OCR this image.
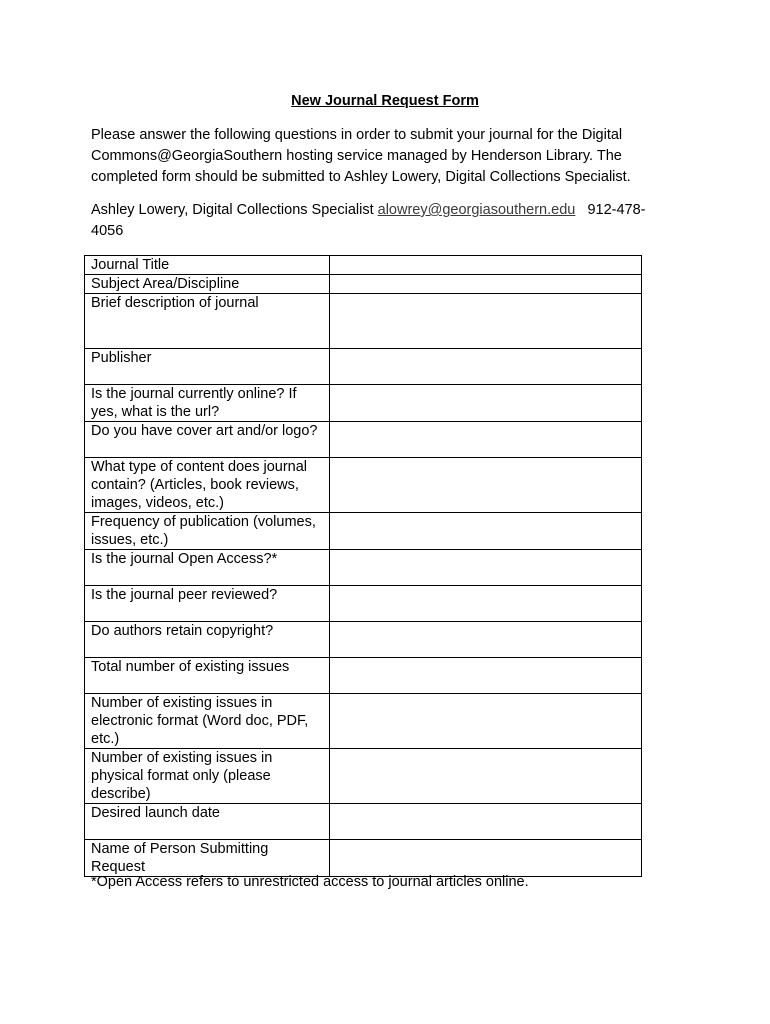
New Journal Request Form

Please answer the following questions in order to submit your journal for the Digital Commons@GeorgiaSouthern hosting service managed by Henderson Library. The completed form should be submitted to Ashley Lowery, Digital Collections Specialist.

Ashley Lowery, Digital Collections Specialist alowrey@georgiasouthern.edu 912-478-4056

Journal Title	
Subject Area/Discipline	
Brief description of journal	
Publisher	
Is the journal currently online? If yes, what is the url?	
Do you have cover art and/or logo?	
What type of content does journal contain? (Articles, book reviews, images, videos, etc.)	
Frequency of publication (volumes, issues, etc.)	
Is the journal Open Access?*	
Is the journal peer reviewed?	
Do authors retain copyright?	
Total number of existing issues	
Number of existing issues in electronic format (Word doc, PDF, etc.)	
Number of existing issues in physical format only (please describe)	
Desired launch date	
Name of Person Submitting Request	

*Open Access refers to unrestricted access to journal articles online.
